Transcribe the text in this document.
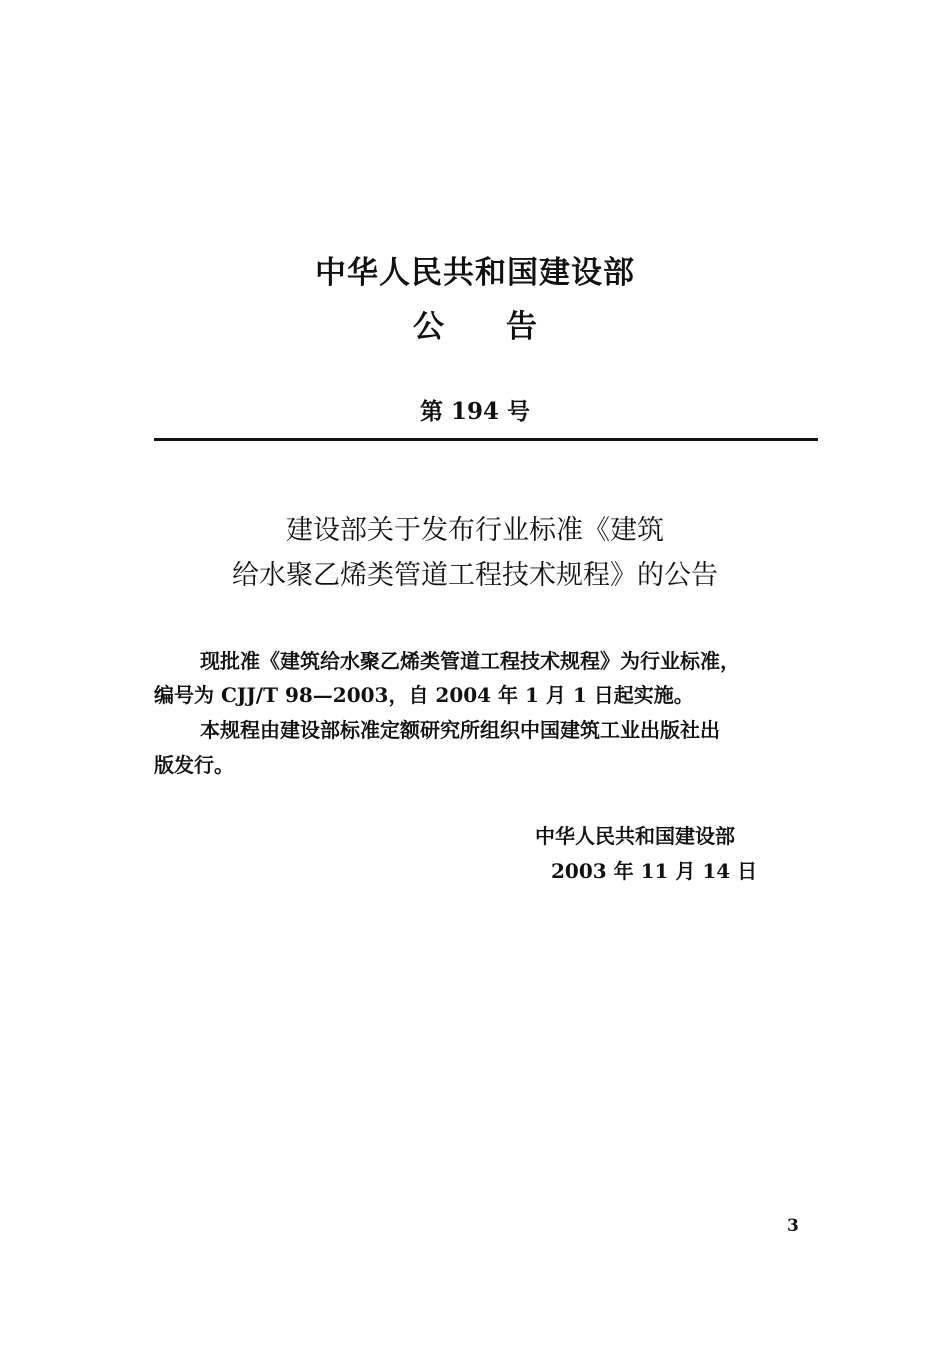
中华人民共和国建设部
公告
第 194 号
建设部关于发布行业标准《建筑
给水聚乙烯类管道工程技术规程》的公告
现批准《建筑给水聚乙烯类管道工程技术规程》为行业标准，
编号为 CJJ/T 98—2003，自 2004 年 1 月 1 日起实施。
本规程由建设部标准定额研究所组织中国建筑工业出版社出
版发行。
中华人民共和国建设部
2003 年 11 月 14 日
3
